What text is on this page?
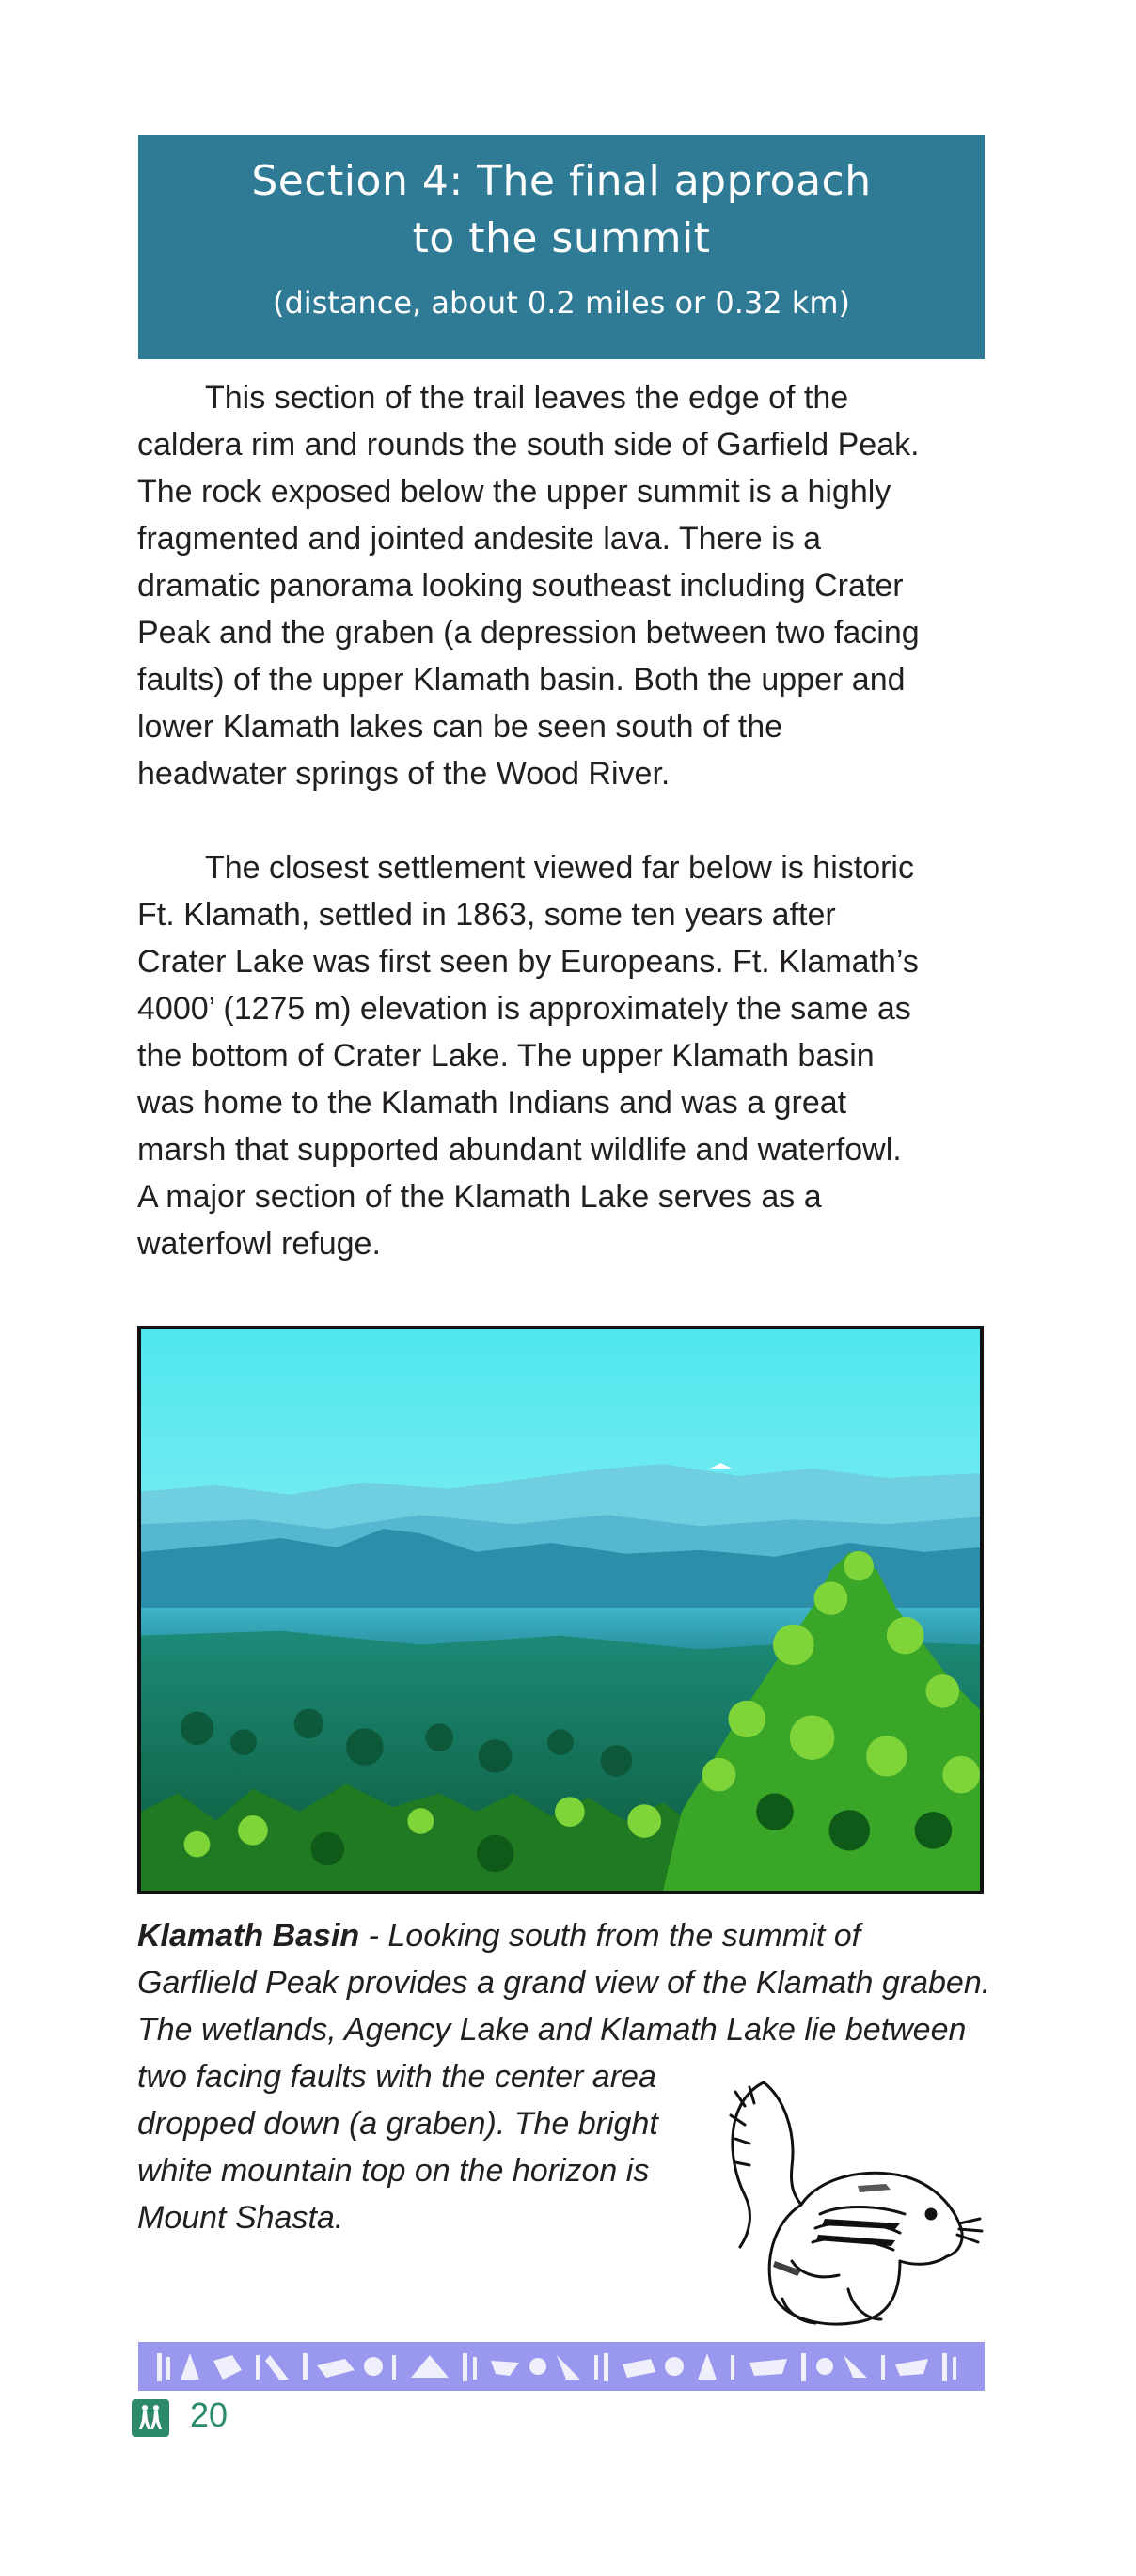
Section 4: The final approach
to the summit
(distance, about 0.2 miles or 0.32 km)

This section of the trail leaves the edge of the
caldera rim and rounds the south side of Garfield Peak.
The rock exposed below the upper summit is a highly
fragmented and jointed andesite lava. There is a
dramatic panorama looking southeast including Crater
Peak and the graben (a depression between two facing
faults) of the upper Klamath basin. Both the upper and
lower Klamath lakes can be seen south of the
headwater springs of the Wood River.

The closest settlement viewed far below is historic
Ft. Klamath, settled in 1863, some ten years after
Crater Lake was first seen by Europeans. Ft. Klamath’s
4000’ (1275 m) elevation is approximately the same as
the bottom of Crater Lake. The upper Klamath basin
was home to the Klamath Indians and was a great
marsh that supported abundant wildlife and waterfowl.
A major section of the Klamath Lake serves as a
waterfowl refuge.

Klamath Basin - Looking south from the summit of
Garflield Peak provides a grand view of the Klamath graben.
The wetlands, Agency Lake and Klamath Lake lie between
two facing faults with the center area
dropped down (a graben). The bright
white mountain top on the horizon is
Mount Shasta.

20
